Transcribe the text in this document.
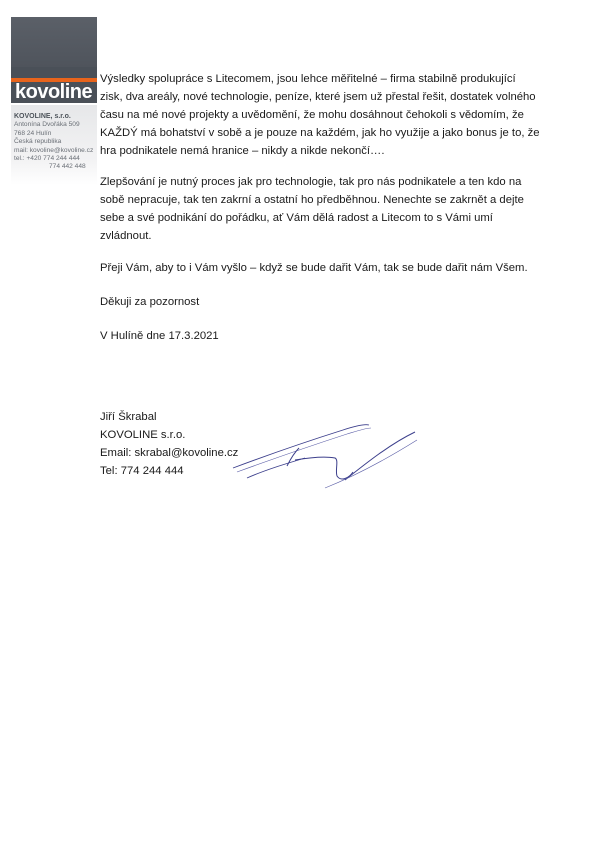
kovoline
KOVOLINE, s.r.o.
Antonína Dvořáka 509
768 24 Hulín
Česká republika
mail: kovoline@kovoline.cz
tel.: +420 774 244 444
774 442 448

Výsledky spolupráce s Litecomem, jsou lehce měřitelné – firma stabilně produkující
zisk, dva areály, nové technologie, peníze, které jsem už přestal řešit, dostatek volného
času na mé nové projekty a uvědomění, že mohu dosáhnout čehokoli s vědomím, že
KAŽDÝ má bohatství v sobě a je pouze na každém, jak ho využije a jako bonus je to, že
hra podnikatele nemá hranice – nikdy a nikde nekončí….

Zlepšování je nutný proces jak pro technologie, tak pro nás podnikatele a ten kdo na
sobě nepracuje, tak ten zakrní a ostatní ho předběhnou. Nenechte se zakrnět a dejte
sebe a své podnikání do pořádku, ať Vám dělá radost a Litecom to s Vámi umí
zvládnout.

Přeji Vám, aby to i Vám vyšlo – když se bude dařit Vám, tak se bude dařit nám Všem.

Děkuji za pozornost

V Hulíně dne 17.3.2021

Jiří Škrabal
KOVOLINE s.r.o.
Email: skrabal@kovoline.cz
Tel: 774 244 444
